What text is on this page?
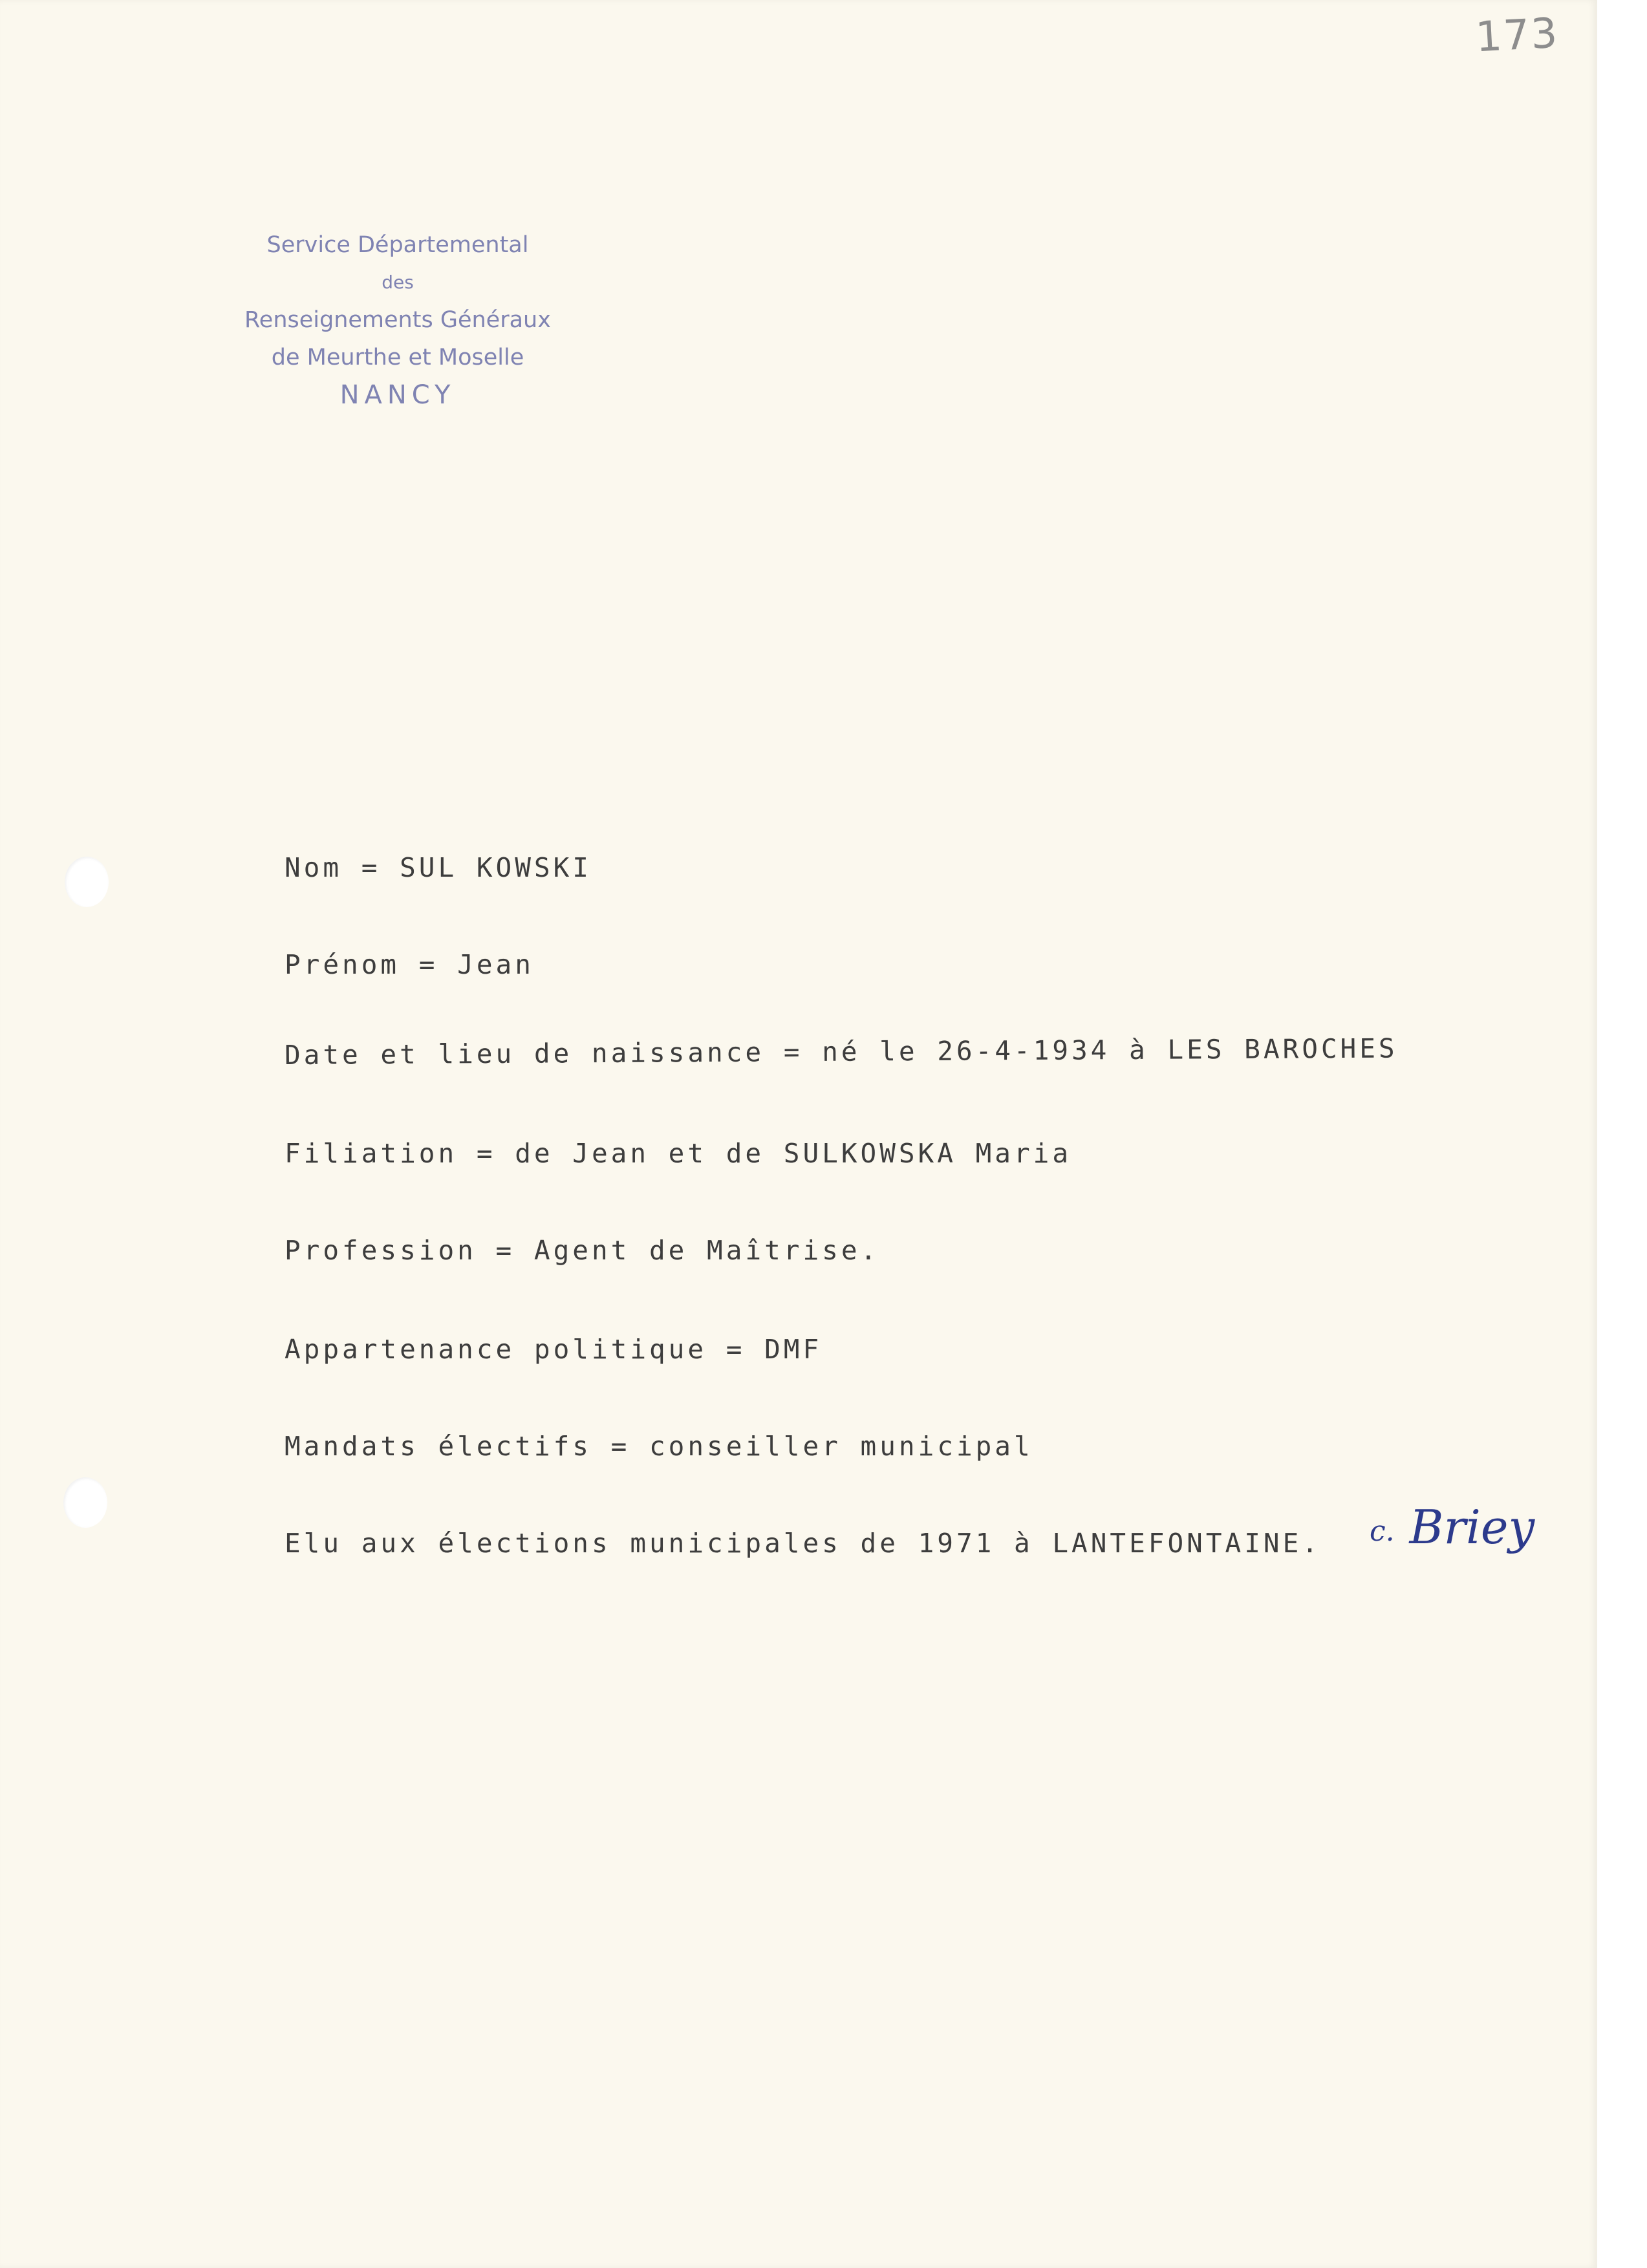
173
Service Départemental
des
Renseignements Généraux
de Meurthe et Moselle
NANCY
Nom = SUL KOWSKI
Prénom = Jean
Date et lieu de naissance = né le 26-4-1934 à LES BAROCHES
Filiation = de Jean et de SULKOWSKA Maria
Profession = Agent de Maîtrise.
Appartenance politique = DMF
Mandats électifs = conseiller municipal
Elu aux élections municipales de 1971 à LANTEFONTAINE. c. Briey
